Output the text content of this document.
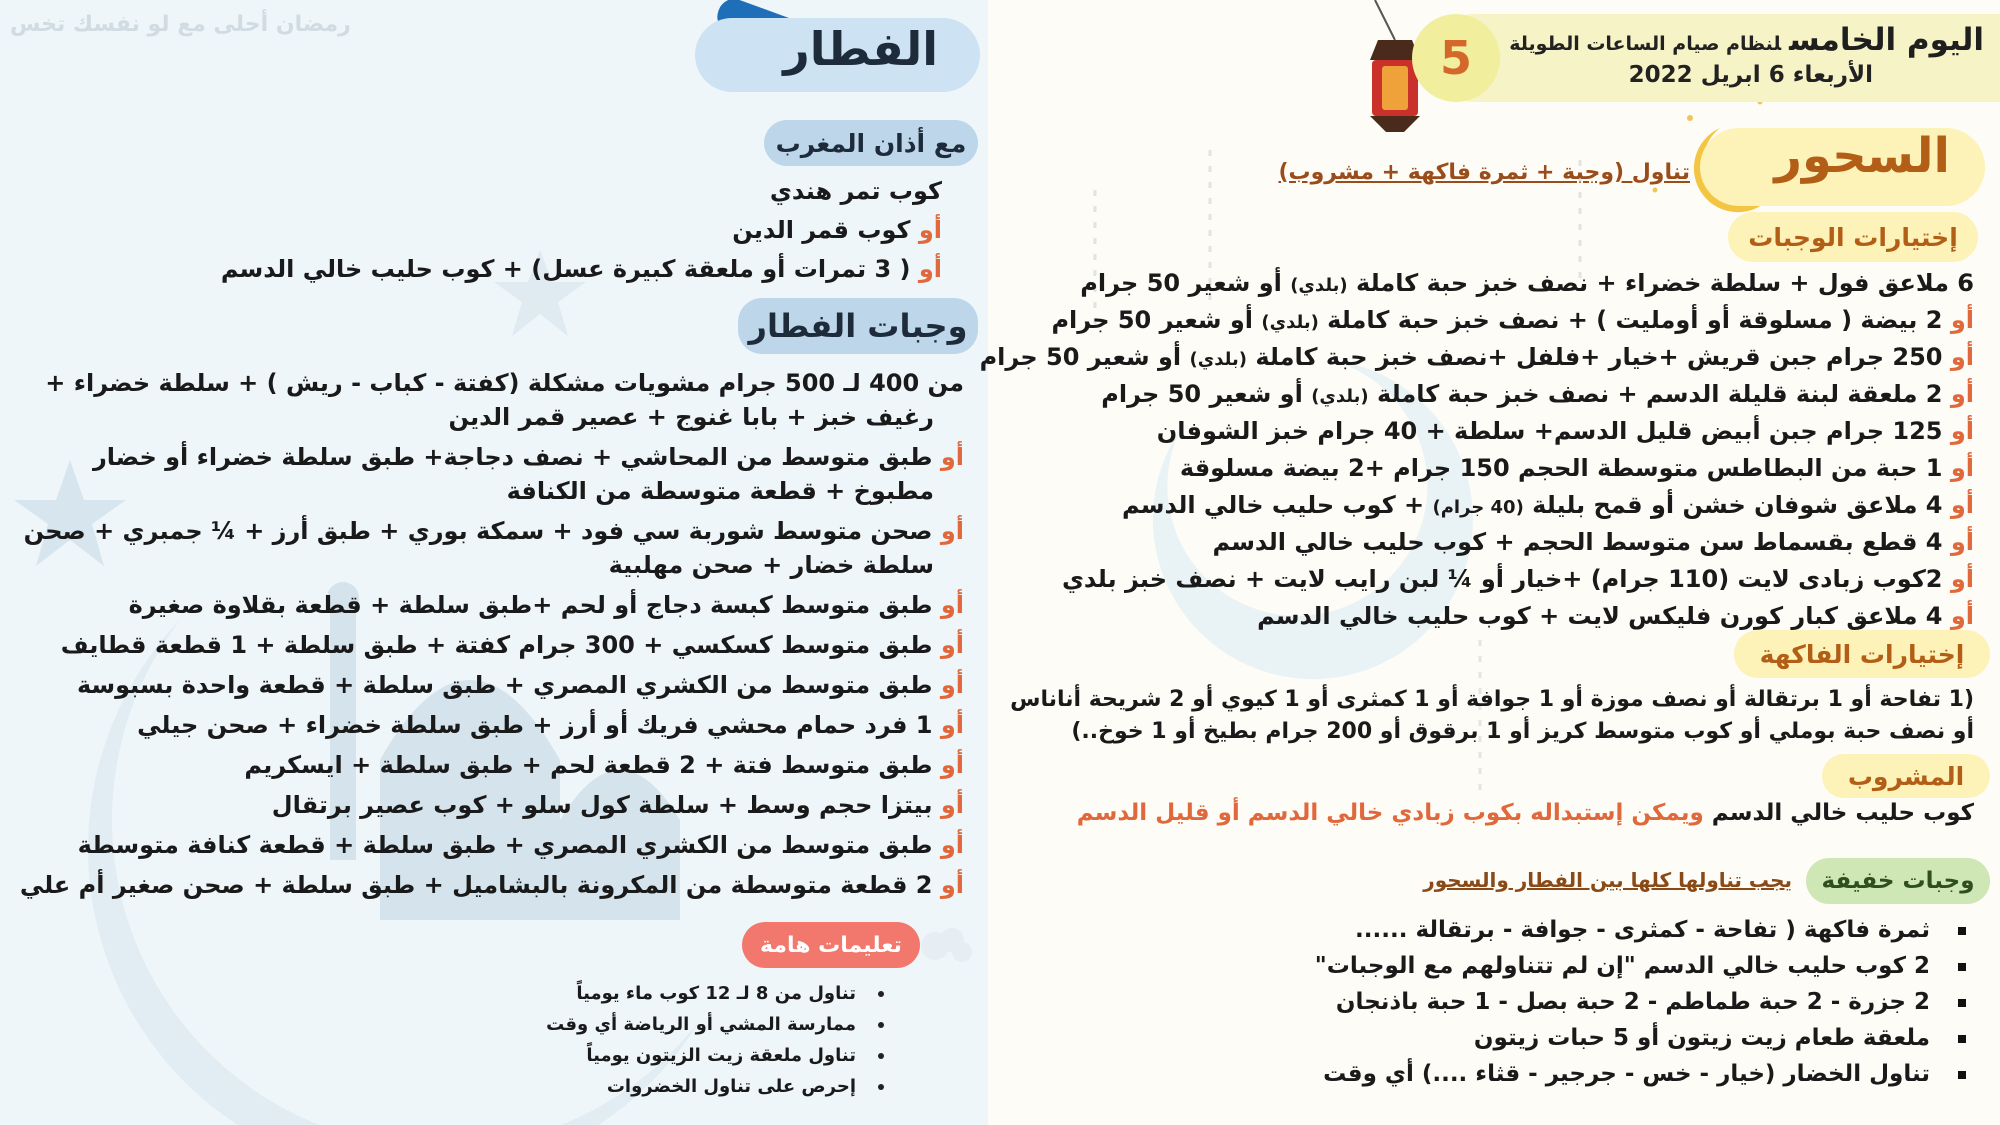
رمضان أحلى مع لو نفسك تخس
5	اليوم الخامسلنظام صيام الساعات الطويلة
الأربعاء 6 ابريل 2022
السحور
تناول (وجبة + ثمرة فاكهة + مشروب)
إختيارات الوجبات
6 ملاعق فول + سلطة خضراء + نصف خبز حبة كاملة (بلدي) أو شعير 50 جرام
أو 2 بيضة ( مسلوقة أو أومليت ) + نصف خبز حبة كاملة (بلدي) أو شعير 50 جرام
أو 250 جرام جبن قريش +خيار +فلفل +نصف خبز حبة كاملة (بلدي) أو شعير 50 جرام
أو 2 ملعقة لبنة قليلة الدسم + نصف خبز حبة كاملة (بلدي) أو شعير 50 جرام
أو 125 جرام جبن أبيض قليل الدسم+ سلطة + 40 جرام خبز الشوفان
أو 1 حبة من البطاطس متوسطة الحجم 150 جرام +2 بيضة مسلوقة
أو 4 ملاعق شوفان خشن أو قمح بليلة (40 جرام) + كوب حليب خالي الدسم
أو 4 قطع بقسماط سن متوسط الحجم + كوب حليب خالي الدسم
أو 2كوب زبادى لايت (110 جرام) +خيار أو ¼ لبن رايب لايت + نصف خبز بلدي
أو 4 ملاعق كبار كورن فليكس لايت + كوب حليب خالي الدسم
إختيارات الفاكهة
(1 تفاحة أو 1 برتقالة أو نصف موزة أو 1 جوافة أو 1 كمثرى أو 1 كيوي أو 2 شريحة أناناس
أو نصف حبة بوملي أو كوب متوسط كريز أو 1 برقوق أو 200 جرام بطيخ أو 1 خوخ..)
المشروب
كوب حليب خالي الدسم ويمكن إستبداله بكوب زبادي خالي الدسم أو قليل الدسم
وجبات خفيفة
يجب تناولها كلها بين الفطار والسحور
ثمرة فاكهة ( تفاحة - كمثرى - جوافة - برتقالة ......
2 كوب حليب خالي الدسم "إن لم تتناولهم مع الوجبات"
2 جزرة - 2 حبة طماطم - 2 حبة بصل - 1 حبة باذنجان
ملعقة طعام زيت زيتون أو 5 حبات زيتون
تناول الخضار (خيار - خس - جرجير - قثاء ....) أي وقت
الفطار
مع أذان المغرب
كوب تمر هندي
أو كوب قمر الدين
أو ( 3 تمرات أو ملعقة كبيرة عسل) + كوب حليب خالي الدسم
وجبات الفطار
من 400 لـ 500 جرام مشويات مشكلة (كفتة - كباب - ريش ) + سلطة خضراء +
رغيف خبز + بابا غنوج + عصير قمر الدين
أو طبق متوسط من المحاشي + نصف دجاجة+ طبق سلطة خضراء أو خضار
مطبوخ + قطعة متوسطة من الكنافة
أو صحن متوسط شوربة سي فود + سمكة بوري + طبق أرز + ¼ جمبري + صحن
سلطة خضار + صحن مهلبية
أو طبق متوسط كبسة دجاج أو لحم +طبق سلطة + قطعة بقلاوة صغيرة
أو طبق متوسط كسكسي + 300 جرام كفتة + طبق سلطة + 1 قطعة قطايف
أو طبق متوسط من الكشري المصري + طبق سلطة + قطعة واحدة بسبوسة
أو 1 فرد حمام محشي فريك أو أرز + طبق سلطة خضراء + صحن جيلي
أو طبق متوسط فتة + 2 قطعة لحم + طبق سلطة + ايسكريم
أو بيتزا حجم وسط + سلطة كول سلو + كوب عصير برتقال
أو طبق متوسط من الكشري المصري + طبق سلطة + قطعة كنافة متوسطة
أو 2 قطعة متوسطة من المكرونة بالبشاميل + طبق سلطة + صحن صغير أم علي
تعليمات هامة
تناول من 8 لـ 12 كوب ماء يومياً
ممارسة المشي أو الرياضة أي وقت
تناول ملعقة زيت الزيتون يومياً
إحرص على تناول الخضروات
